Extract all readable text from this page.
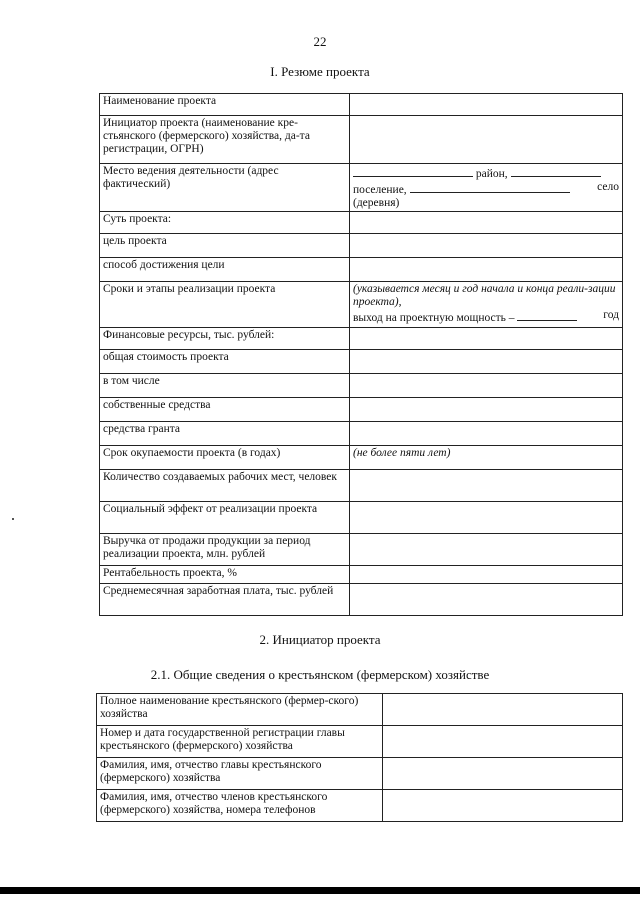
22
I. Резюме проекта
Наименование проекта	
Инициатор проекта (наименование кре-стьянского (фермерского) хозяйства, да-та регистрации, ОГРН)	
Место ведения деятельности (адрес фактический)	район,
поселение, село
(деревня)

Суть проекта:	
цель проекта	
способ достижения цели	
Сроки и этапы реализации проекта	(указывается месяц и год начала и конца реали-зации проекта),
выход на проектную мощность – год

Финансовые ресурсы, тыс. рублей:	
общая стоимость проекта	
в том числе	
собственные средства	
средства гранта	
Срок окупаемости проекта (в годах)	(не более пяти лет)
Количество создаваемых рабочих мест, человек	
Социальный эффект от реализации проекта	
Выручка от продажи продукции за период реализации проекта, млн. рублей	
Рентабельность проекта, %	
Среднемесячная заработная плата, тыс. рублей	
2. Инициатор проекта
2.1. Общие сведения о крестьянском (фермерском) хозяйстве
Полное наименование крестьянского (фермер-ского) хозяйства	
Номер и дата государственной регистрации главы крестьянского (фермерского) хозяйства	
Фамилия, имя, отчество главы крестьянского (фермерского) хозяйства	
Фамилия, имя, отчество членов крестьянского (фермерского) хозяйства, номера телефонов	
